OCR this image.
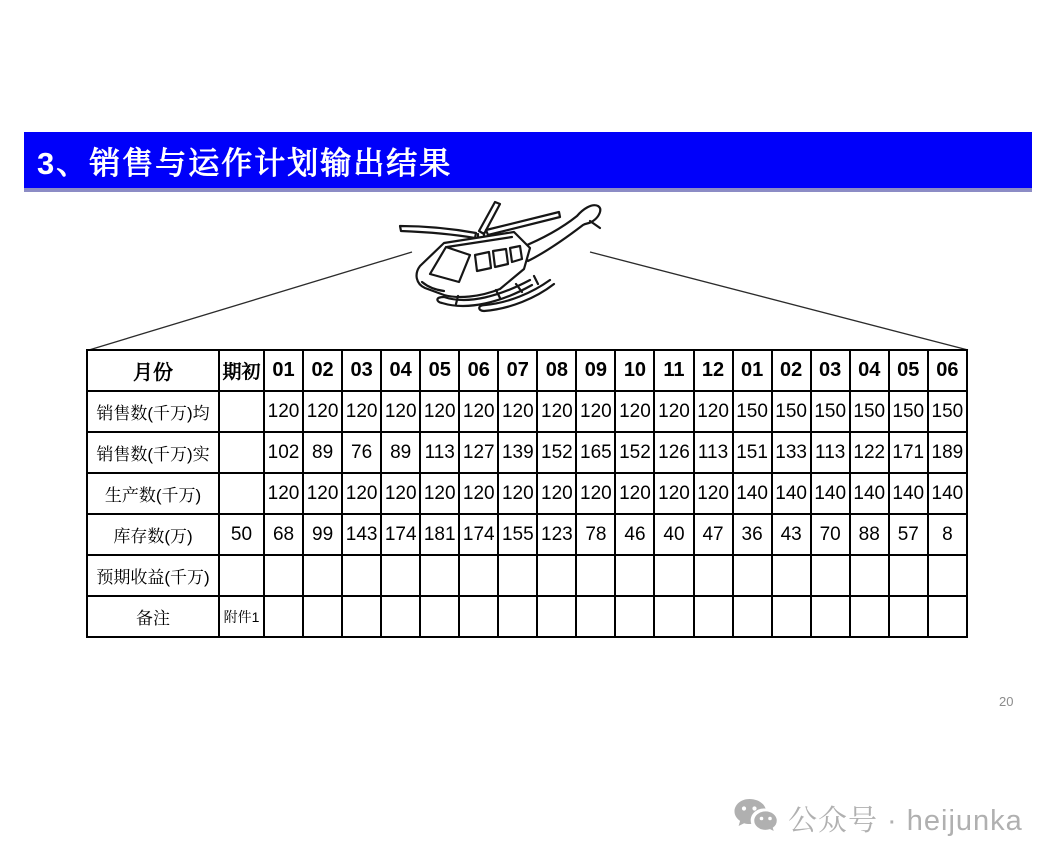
3、销售与运作计划输出结果
月份	期初	01	02	03	04	05	06	07	08	09	10	11	12	01	02	03	04	05	06
销售数(千万)均		120	120	120	120	120	120	120	120	120	120	120	120	150	150	150	150	150	150
销售数(千万)实		102	89	76	89	113	127	139	152	165	152	126	113	151	133	113	122	171	189
生产数(千万)		120	120	120	120	120	120	120	120	120	120	120	120	140	140	140	140	140	140
库存数(万)	50	68	99	143	174	181	174	155	123	78	46	40	47	36	43	70	88	57	8
预期收益(千万)																			
备注	附件1																		
20
公众号 · heijunka
